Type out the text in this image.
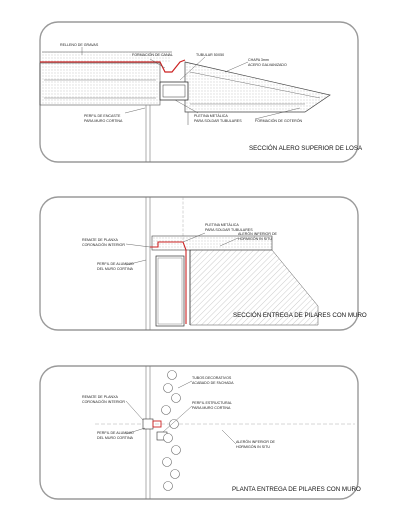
RELLENO DE GRAVAS
FORMACIÓN DE CANAL	TUBULAR 50X50
CHAPA 3mm
ACERO GALVANIZADO
PERFIL DE ENCASTE
PARA MURO CORTINA
PLETINA METÁLICA
PARA SOLDAR TUBULARES	FORMACIÓN DE GOTERÓN
SECCIÓN ALERO SUPERIOR DE LOSA
PLETINA METÁLICA
PARA SOLDAR TUBULARES
REMATE DE PLANXA
CORONACIÓN INTERIOR
ALERÓN INFERIOR DE
HORMIGÓN IN SITU
PERFIL DE ALUMINIO
DEL MURO CORTINA
SECCIÓN ENTREGA DE PILARES CON MURO
TUBOS DECORATIVOS
ACABADO DE FACHADA
REMATE DE PLANXA
CORONACIÓN INTERIOR	PERFIL ESTRUCTURAL
PARA MURO CORTINA
PERFIL DE ALUMINIO
DEL MURO CORTINA
ALERÓN INFERIOR DE
HORMIGÓN IN SITU
PLANTA ENTREGA DE PILARES CON MURO
